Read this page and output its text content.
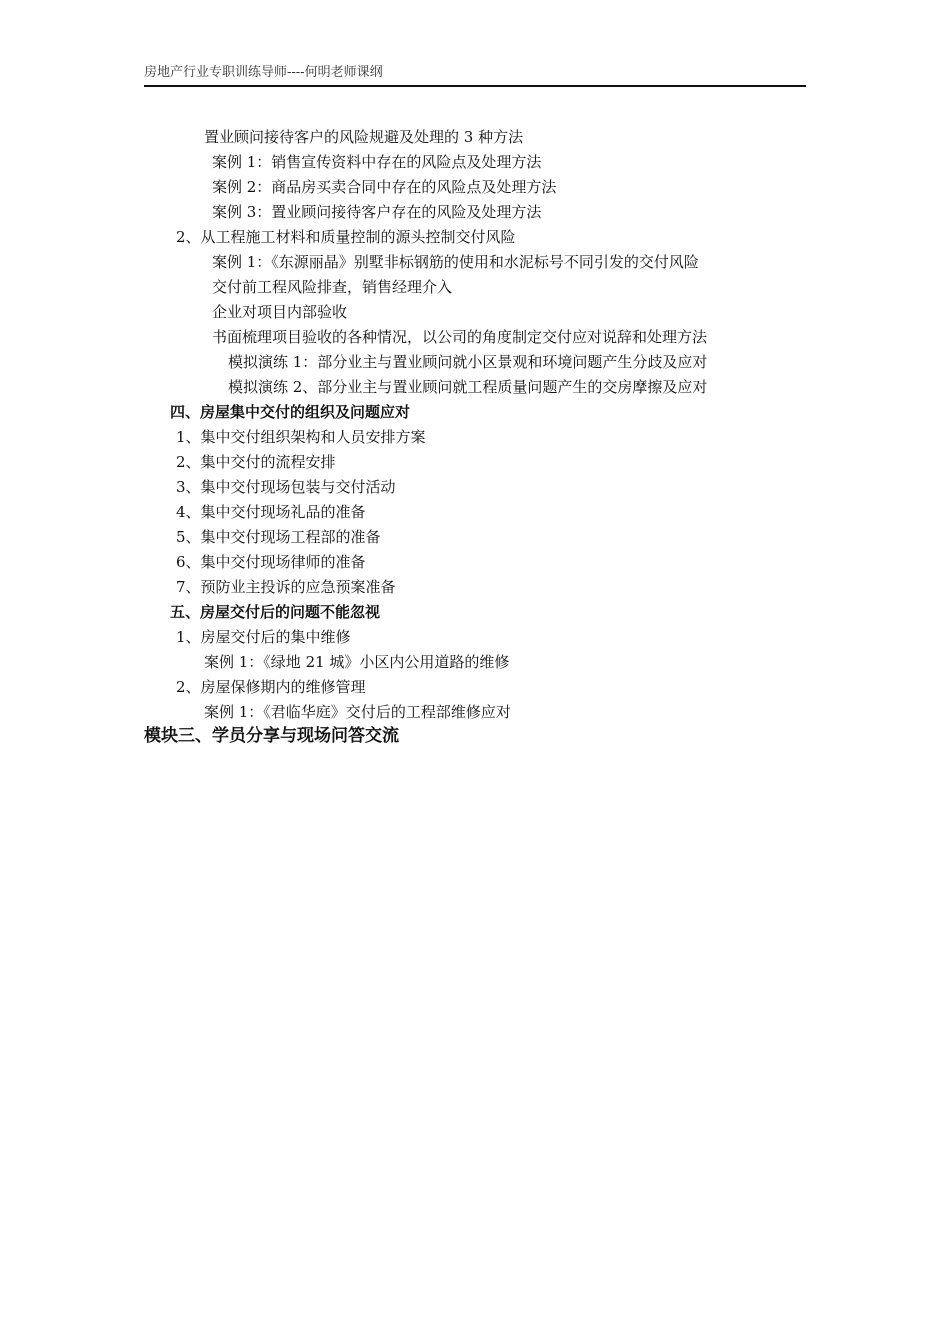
房地产行业专职训练导师----何明老师课纲
置业顾问接待客户的风险规避及处理的 3 种方法
案例 1：销售宣传资料中存在的风险点及处理方法
案例 2：商品房买卖合同中存在的风险点及处理方法
案例 3：置业顾问接待客户存在的风险及处理方法
2、从工程施工材料和质量控制的源头控制交付风险
案例 1：《东源丽晶》别墅非标钢筋的使用和水泥标号不同引发的交付风险
交付前工程风险排查，销售经理介入
企业对项目内部验收
书面梳理项目验收的各种情况，以公司的角度制定交付应对说辞和处理方法
模拟演练 1：部分业主与置业顾问就小区景观和环境问题产生分歧及应对
模拟演练 2、部分业主与置业顾问就工程质量问题产生的交房摩擦及应对
四、房屋集中交付的组织及问题应对
1、集中交付组织架构和人员安排方案
2、集中交付的流程安排
3、集中交付现场包装与交付活动
4、集中交付现场礼品的准备
5、集中交付现场工程部的准备
6、集中交付现场律师的准备
7、预防业主投诉的应急预案准备
五、房屋交付后的问题不能忽视
1、房屋交付后的集中维修
案例 1：《绿地 21 城》小区内公用道路的维修
2、房屋保修期内的维修管理
案例 1：《君临华庭》交付后的工程部维修应对
模块三、学员分享与现场问答交流
